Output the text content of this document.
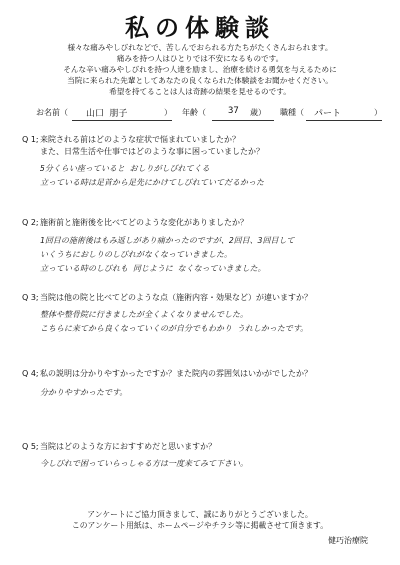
私の体験談
様々な痛みやしびれなどで、苦しんでおられる方たちがたくさんおられます。
痛みを持つ人はひとりでは不安になるものです。
そんな辛い痛みやしびれを持つ人達を励まし、治療を続ける勇気を与えるために
当院に来られた先輩としてあなたの良くなられた体験談をお聞かせください。
希望を持てることは人は奇跡の結果を見せるのです。
お名前（ 山口 朋子	） 年齢（ 37 歳） 職種（ パート	）
Q 1;来院される前はどのような症状で悩まれていましたか？
また、日常生活や仕事ではどのような事に困っていましたか？
5分くらい座っていると おしりがしびれてくる
立っている時は足首から足先にかけてしびれていてだるかった
Q 2;施術前と施術後を比べてどのような変化がありましたか？
1回目の施術後はもみ返しがあり痛かったのですが、2回目、3回目して
いくうちにおしりのしびれがなくなっていきました。
立っている時のしびれも 同じように なくなっていきました。
Q 3;当院は他の院と比べてどのような点（施術内容・効果など）が違いますか？
整体や整骨院に行きましたが全くよくなりませんでした。
こちらに来てから良くなっていくのが自分でもわかり うれしかったです。
Q 4;私の説明は分かりやすかったですか？また院内の雰囲気はいかがでしたか？
分かりやすかったです。
Q 5;当院はどのような方におすすめだと思いますか？
今しびれで困っていらっしゃる方は一度来てみて下さい。
アンケートにご協力頂きまして、誠にありがとうございました。
このアンケート用紙は、ホームページやチラシ等に掲載させて頂きます。
健巧治療院
